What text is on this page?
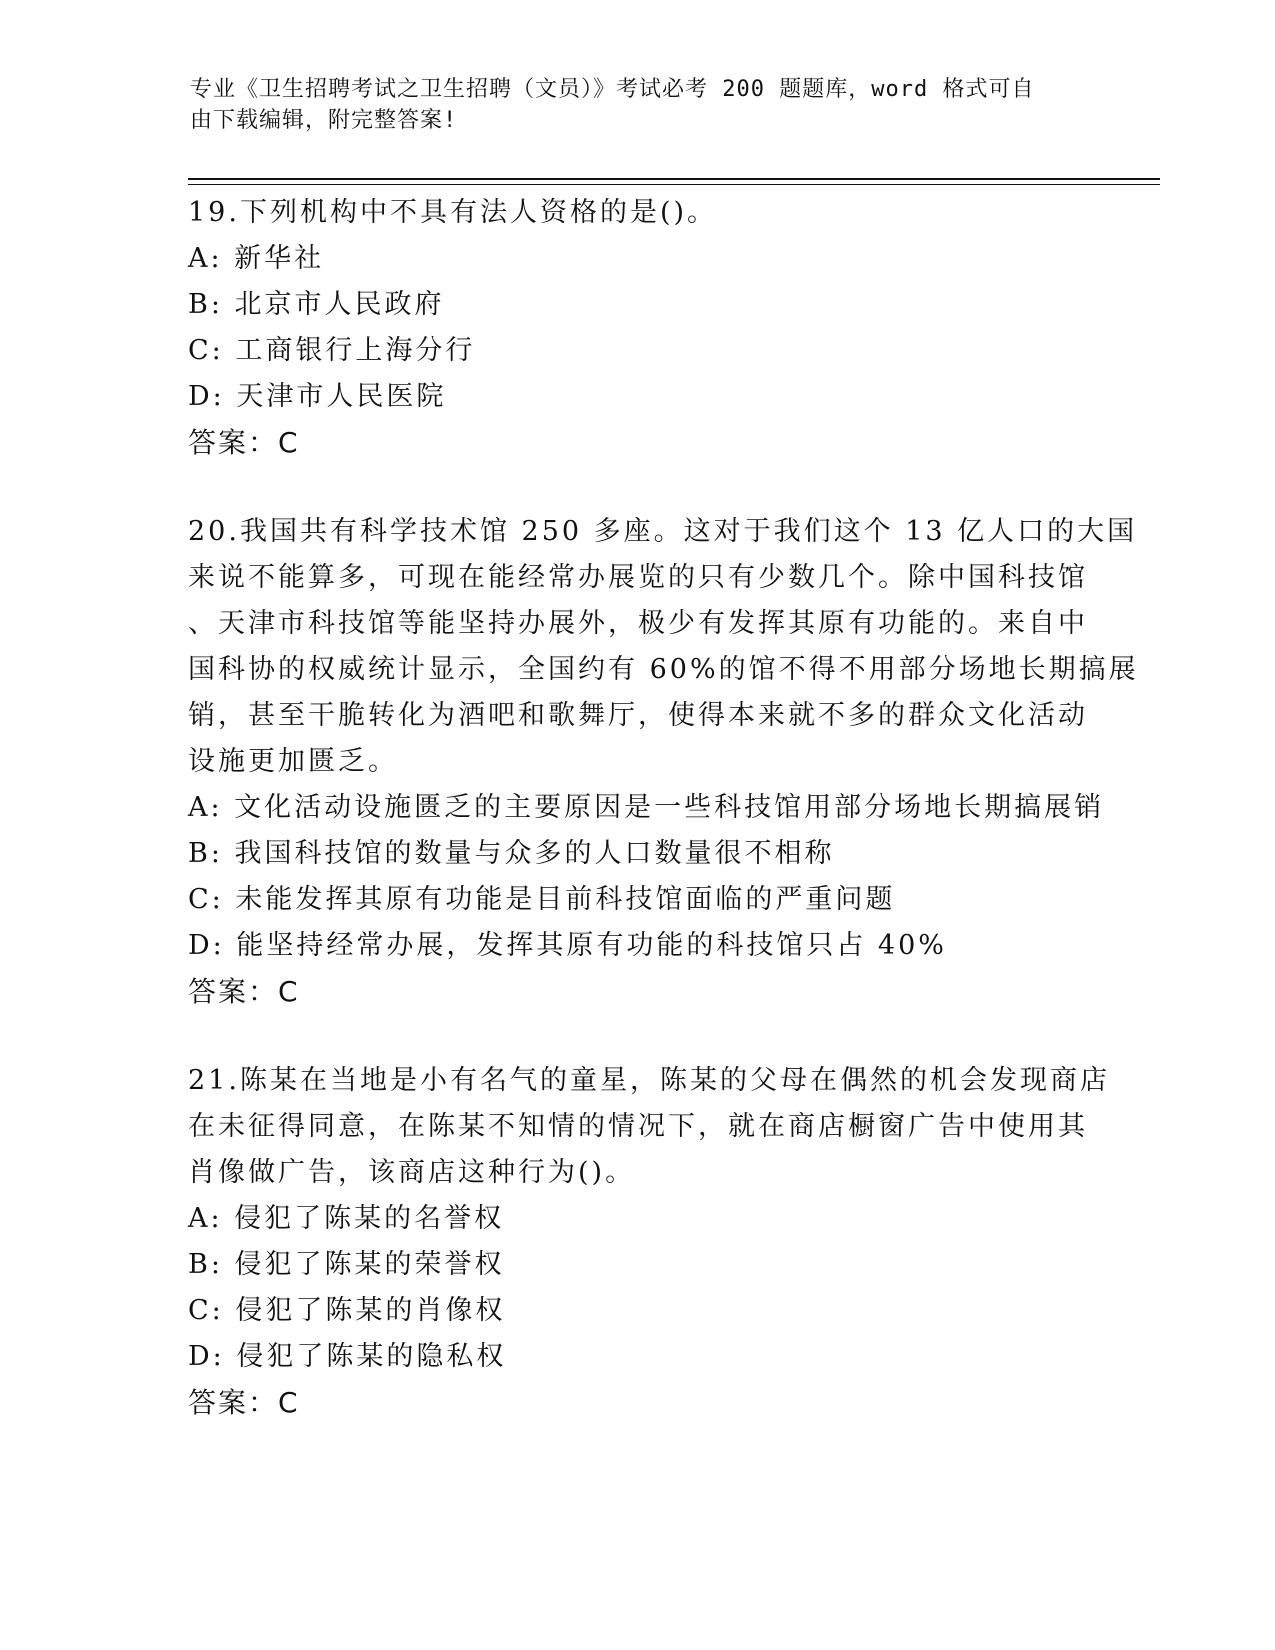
专业《卫生招聘考试之卫生招聘（文员）》考试必考 200 题题库，word 格式可自
由下载编辑，附完整答案!
19.下列机构中不具有法人资格的是()。
A: 新华社
B: 北京市人民政府
C: 工商银行上海分行
D: 天津市人民医院
答案：C
20.我国共有科学技术馆 250 多座。这对于我们这个 13 亿人口的大国
来说不能算多，可现在能经常办展览的只有少数几个。除中国科技馆
、天津市科技馆等能坚持办展外，极少有发挥其原有功能的。来自中
国科协的权威统计显示，全国约有 60%的馆不得不用部分场地长期搞展
销，甚至干脆转化为酒吧和歌舞厅，使得本来就不多的群众文化活动
设施更加匮乏。
A: 文化活动设施匮乏的主要原因是一些科技馆用部分场地长期搞展销
B: 我国科技馆的数量与众多的人口数量很不相称
C: 未能发挥其原有功能是目前科技馆面临的严重问题
D: 能坚持经常办展，发挥其原有功能的科技馆只占 40%
答案：C
21.陈某在当地是小有名气的童星，陈某的父母在偶然的机会发现商店
在未征得同意，在陈某不知情的情况下，就在商店橱窗广告中使用其
肖像做广告，该商店这种行为()。
A: 侵犯了陈某的名誉权
B: 侵犯了陈某的荣誉权
C: 侵犯了陈某的肖像权
D: 侵犯了陈某的隐私权
答案：C
